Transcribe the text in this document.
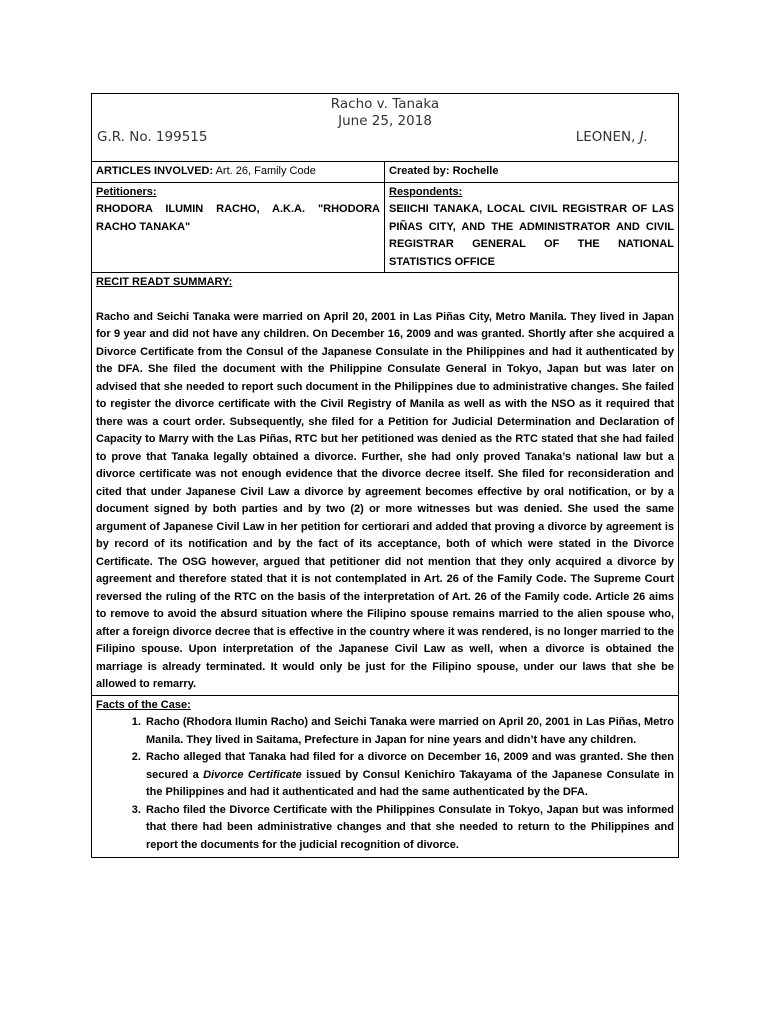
Racho v. Tanaka
June 25, 2018
G.R. No. 199515	LEONEN, J.
ARTICLES INVOLVED: Art. 26, Family Code
Petitioners:
RHODORA ILUMIN RACHO, A.K.A. "RHODORA RACHO TANAKA"
Created by: Rochelle
Respondents:
SEIICHI TANAKA, LOCAL CIVIL REGISTRAR OF LAS PIÑAS CITY, AND THE ADMINISTRATOR AND CIVIL REGISTRAR GENERAL OF THE NATIONAL STATISTICS OFFICE

RECIT READT SUMMARY:

Racho and Seichi Tanaka were married on April 20, 2001 in Las Piñas City, Metro Manila. They lived in Japan for 9 year and did not have any children. On December 16, 2009 and was granted. Shortly after she acquired a Divorce Certificate from the Consul of the Japanese Consulate in the Philippines and had it authenticated by the DFA. She filed the document with the Philippine Consulate General in Tokyo, Japan but was later on advised that she needed to report such document in the Philippines due to administrative changes. She failed to register the divorce certificate with the Civil Registry of Manila as well as with the NSO as it required that there was a court order. Subsequently, she filed for a Petition for Judicial Determination and Declaration of Capacity to Marry with the Las Piñas, RTC but her petitioned was denied as the RTC stated that she had failed to prove that Tanaka legally obtained a divorce. Further, she had only proved Tanaka’s national law but a divorce certificate was not enough evidence that the divorce decree itself. She filed for reconsideration and cited that under Japanese Civil Law a divorce by agreement becomes effective by oral notification, or by a document signed by both parties and by two (2) or more witnesses but was denied. She used the same argument of Japanese Civil Law in her petition for certiorari and added that proving a divorce by agreement is by record of its notification and by the fact of its acceptance, both of which were stated in the Divorce Certificate. The OSG however, argued that petitioner did not mention that they only acquired a divorce by agreement and therefore stated that it is not contemplated in Art. 26 of the Family Code. The Supreme Court reversed the ruling of the RTC on the basis of the interpretation of Art. 26 of the Family code. Article 26 aims to remove to avoid the absurd situation where the Filipino spouse remains married to the alien spouse who, after a foreign divorce decree that is effective in the country where it was rendered, is no longer married to the Filipino spouse. Upon interpretation of the Japanese Civil Law as well, when a divorce is obtained the marriage is already terminated. It would only be just for the Filipino spouse, under our laws that she be allowed to remarry.

Facts of the Case:
1. Racho (Rhodora Ilumin Racho) and Seichi Tanaka were married on April 20, 2001 in Las Piñas, Metro Manila. They lived in Saitama, Prefecture in Japan for nine years and didn’t have any children.
2. Racho alleged that Tanaka had filed for a divorce on December 16, 2009 and was granted. She then secured a Divorce Certificate issued by Consul Kenichiro Takayama of the Japanese Consulate in the Philippines and had it authenticated and had the same authenticated by the DFA.
3. Racho filed the Divorce Certificate with the Philippines Consulate in Tokyo, Japan but was informed that there had been administrative changes and that she needed to return to the Philippines and report the documents for the judicial recognition of divorce.
